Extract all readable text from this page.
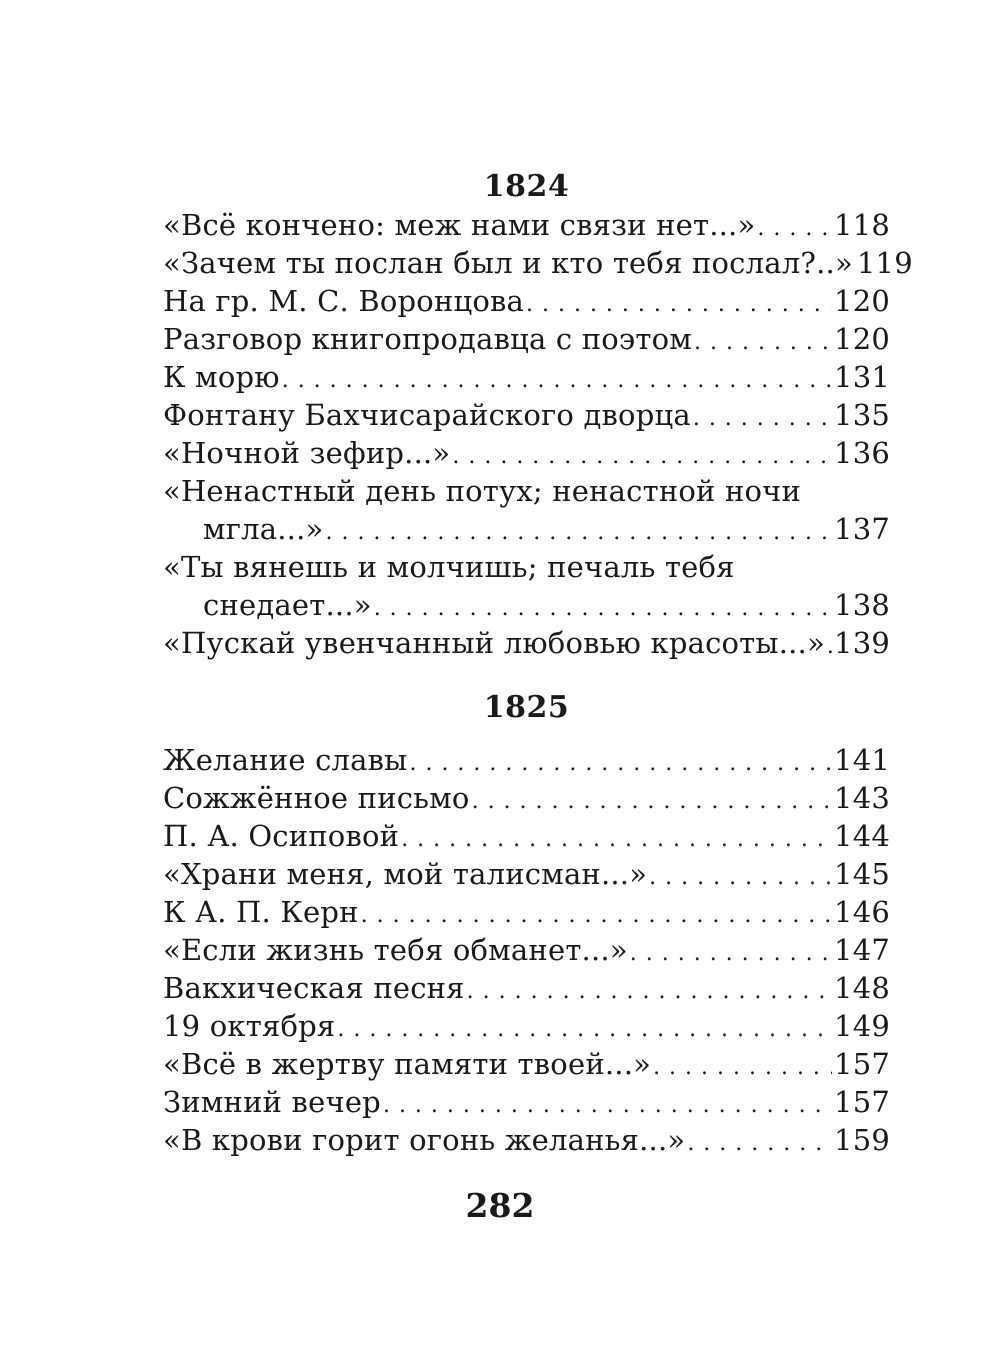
1824
«Всё кончено: меж нами связи нет...» . . .	118
«Зачем ты послан был и кто тебя послал?..» 119
На гр. М. С. Воронцова . . .	120
Разговор книгопродавца с поэтом . . .	120
К морю . . .	131
Фонтану Бахчисарайского дворца . . .	135
«Ночной зефир...» . . .	136
«Ненастный день потух; ненастной ночи
мгла...» . . .	137
«Ты вянешь и молчишь; печаль тебя
снедает...» . . .	138
«Пускай увенчанный любовью красоты...» . . . 139
1825
Желание славы . . .	141
Сожжённое письмо . . .	143
П. А. Осиповой . . .	144
«Храни меня, мой талисман...» . . .	145
К А. П. Керн . . .	146
«Если жизнь тебя обманет...» . . .	147
Вакхическая песня . . .	148
19 октября . . .	149
«Всё в жертву памяти твоей...» . . .	157
Зимний вечер . . .	157
«В крови горит огонь желанья...» . . .	159
282
